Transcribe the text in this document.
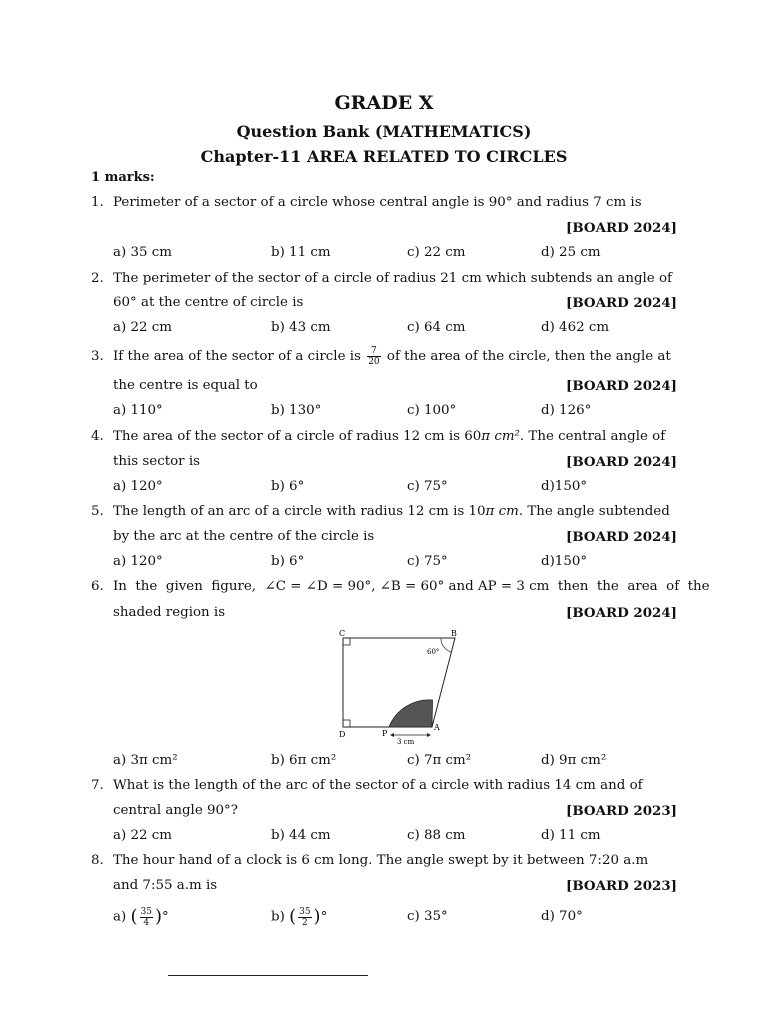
GRADE X
Question Bank (MATHEMATICS)
Chapter-11 AREA RELATED TO CIRCLES
1 marks:
1. Perimeter of a sector of a circle whose central angle is 90° and radius 7 cm is
[BOARD 2024]
a) 35 cm	b) 11 cm	c) 22 cm	d) 25 cm
2. The perimeter of the sector of a circle of radius 21 cm which subtends an angle of
60° at the centre of circle is	[BOARD 2024]
a) 22 cm	b) 43 cm	c) 64 cm	d) 462 cm
3. If the area of the sector of a circle is $\frac{7}{20}$ of the area of the circle, then the angle at
the centre is equal to	[BOARD 2024]
a) 110°	b) 130°	c) 100°	d) 126°
4. The area of the sector of a circle of radius 12 cm is 60π cm². The central angle of
this sector is	[BOARD 2024]
a) 120°	b) 6°	c) 75°	d)150°
5. The length of an arc of a circle with radius 12 cm is 10π cm. The angle subtended
by the arc at the centre of the circle is	[BOARD 2024]
a) 120°	b) 6°	c) 75°	d)150°
6. In  the  given  figure,  ∠C = ∠D = 90°, ∠B = 60° and AP = 3 cm  then  the  area  of  the
shaded region is	[BOARD 2024]
C	B
D	P
A
60°
3 cm
a) 3π cm²	b) 6π cm²	c) 7π cm²	d) 9π cm²
7. What is the length of the arc of the sector of a circle with radius 14 cm and of
central angle 90°?	[BOARD 2023]
a) 22 cm	b) 44 cm	c) 88 cm	d) 11 cm
8. The hour hand of a clock is 6 cm long. The angle swept by it between 7:20 a.m
and 7:55 a.m is	[BOARD 2023]
a) ( $\frac{35}{4}$ )°	b) ( $\frac{35}{2}$ )°	c) 35°	d) 70°
